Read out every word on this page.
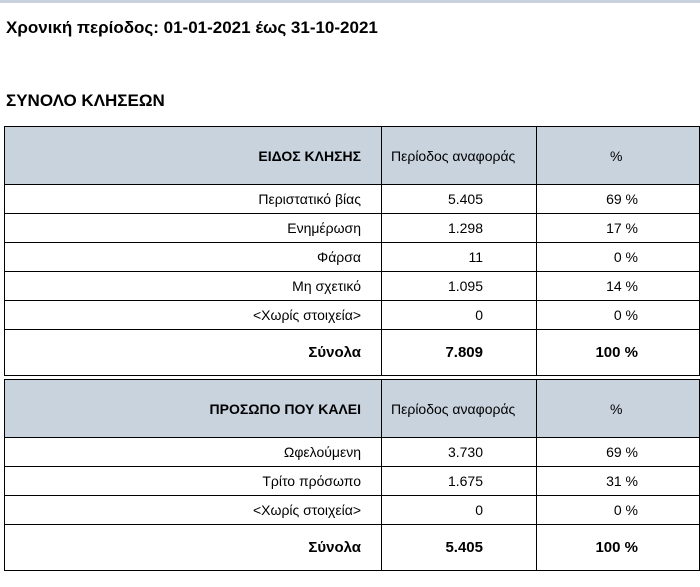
Χρονική περίοδος: 01-01-2021 έως 31-10-2021
ΣΥΝΟΛΟ ΚΛΗΣΕΩΝ
ΕΙΔΟΣ ΚΛΗΣΗΣ	Περίοδος αναφοράς	%
Περιστατικό βίας	5.405	69 %
Ενημέρωση	1.298	17 %
Φάρσα	11	0 %
Μη σχετικό	1.095	14 %
<Χωρίς στοιχεία>	0	0 %
Σύνολα	7.809	100 %

ΠΡΟΣΩΠΟ ΠΟΥ ΚΑΛΕΙ	Περίοδος αναφοράς	%
Ωφελούμενη	3.730	69 %
Τρίτο πρόσωπο	1.675	31 %
<Χωρίς στοιχεία>	0	0 %
Σύνολα	5.405	100 %
